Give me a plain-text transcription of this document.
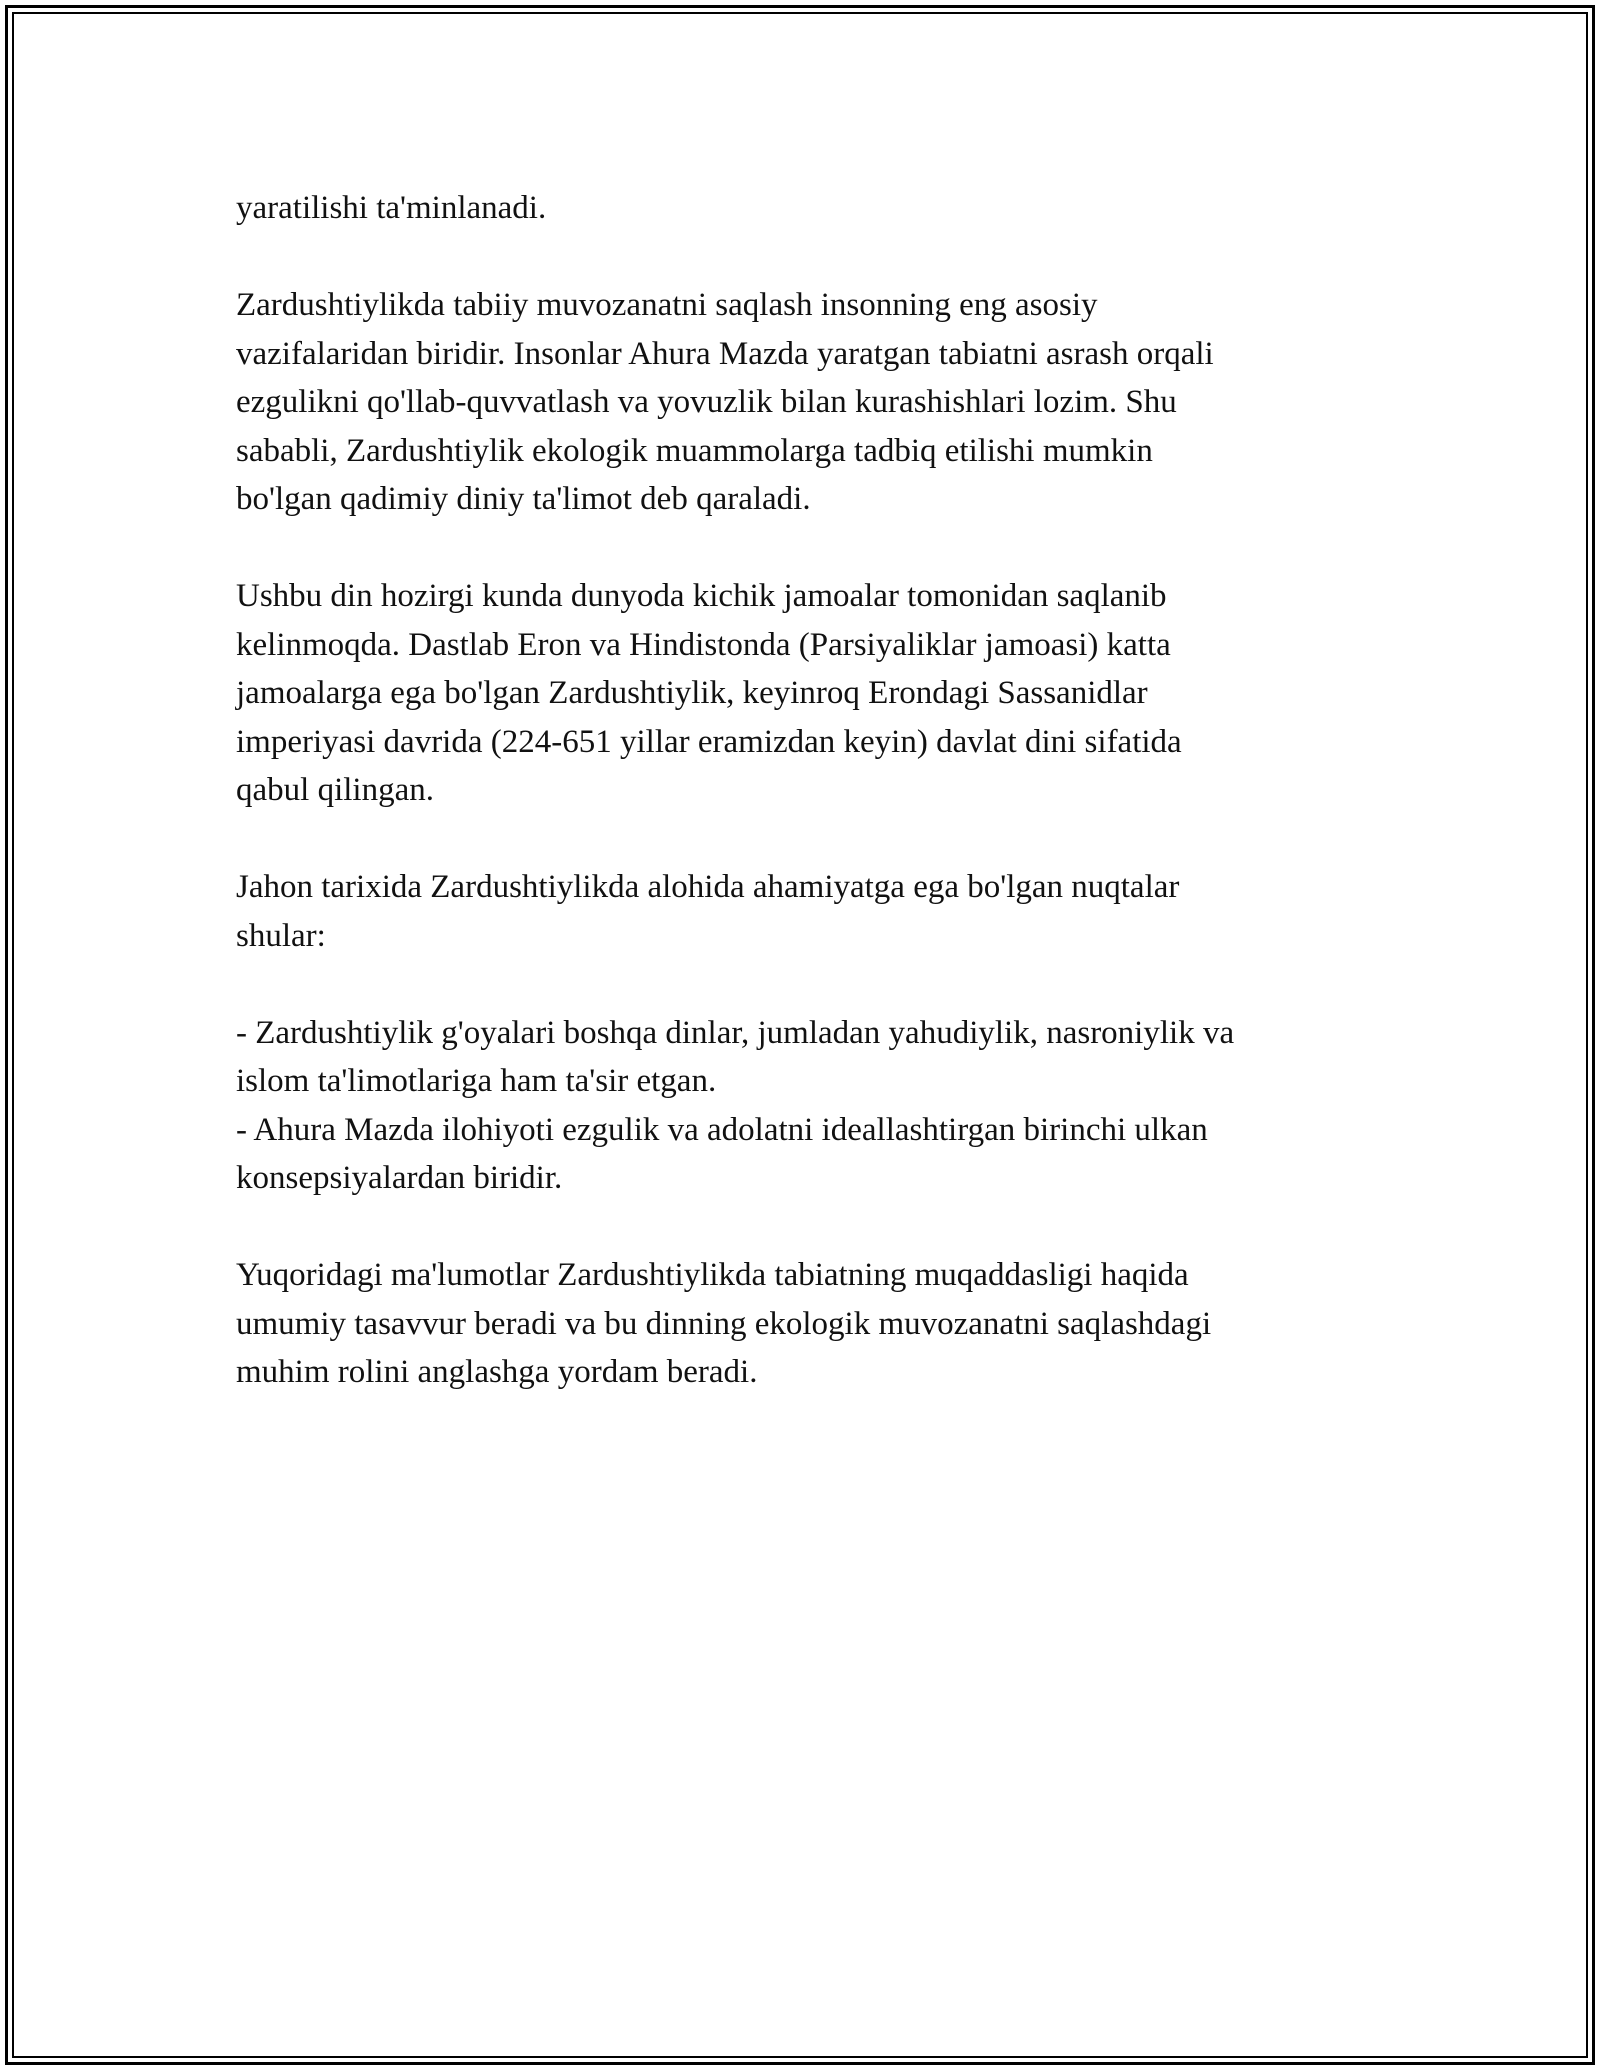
yaratilishi ta'minlanadi.

Zardushtiylikda tabiiy muvozanatni saqlash insonning eng asosiy
vazifalaridan biridir. Insonlar Ahura Mazda yaratgan tabiatni asrash orqali
ezgulikni qo'llab-quvvatlash va yovuzlik bilan kurashishlari lozim. Shu
sababli, Zardushtiylik ekologik muammolarga tadbiq etilishi mumkin
bo'lgan qadimiy diniy ta'limot deb qaraladi.

Ushbu din hozirgi kunda dunyoda kichik jamoalar tomonidan saqlanib
kelinmoqda. Dastlab Eron va Hindistonda (Parsiyaliklar jamoasi) katta
jamoalarga ega bo'lgan Zardushtiylik, keyinroq Erondagi Sassanidlar
imperiyasi davrida (224-651 yillar eramizdan keyin) davlat dini sifatida
qabul qilingan.

Jahon tarixida Zardushtiylikda alohida ahamiyatga ega bo'lgan nuqtalar
shular:

- Zardushtiylik g'oyalari boshqa dinlar, jumladan yahudiylik, nasroniylik va
islom ta'limotlariga ham ta'sir etgan.

- Ahura Mazda ilohiyoti ezgulik va adolatni ideallashtirgan birinchi ulkan
konsepsiyalardan biridir.

Yuqoridagi ma'lumotlar Zardushtiylikda tabiatning muqaddasligi haqida
umumiy tasavvur beradi va bu dinning ekologik muvozanatni saqlashdagi
muhim rolini anglashga yordam beradi.
